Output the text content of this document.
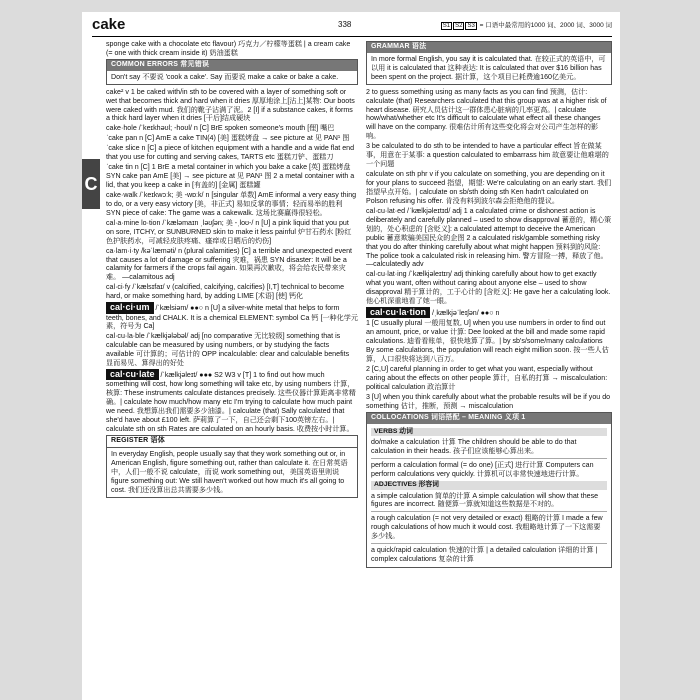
cake	338	S1 S2 S3 = 口语中最常用的1000 词、2000 词、3000 词
C

sponge cake with a chocolate etc flavour) 巧克力／柠檬等蛋糕 | a cream cake (= one with thick cream inside it) 奶油蛋糕

COMMON ERRORS 常见错误
Don't say 不要说 'cook a cake'. Say 而要说 make a cake or bake a cake.

cake² v 1 be caked with/in sth to be covered with a layer of something soft or wet that becomes thick and hard when it dries 厚厚地涂上[沾上]某物: Our boots were caked with mud. 我们的靴子沾满了泥。2 [I] if a substance cakes, it forms a thick hard layer when it dries [干后]结成硬块

cake·hole /ˈkeɪkhəʊl; -hoʊl/ n [C] BrE spoken someone's mouth [俚] 嘴巴

ˈcake pan n [C] AmE a cake TIN(4) [美] 蛋糕烤盘 → see picture at 见 PAN¹ 图

ˈcake slice n [C] a piece of kitchen equipment with a handle and a wide flat end that you use for cutting and serving cakes, TARTS etc 蛋糕刀铲、蛋糕刀

ˈcake tin n [C] 1 BrE a metal container in which you bake a cake [英] 蛋糕烤盘 SYN cake pan AmE [美] → see picture at 见 PAN¹ 图 2 a metal container with a lid, that you keep a cake in [有盖的] [金属] 蛋糕罐

cake·walk /ˈkeɪkwɔːk; 美 -wɒːk/ n [singular 单数] AmE informal a very easy thing to do, or a very easy victory [美，非正式] 易如反掌的事情；轻而易举的胜利 SYN piece of cake: The game was a cakewalk. 这场比赛赢得很轻松。

cal·a·mine lo·tion /ˈkæləmaɪn ˌləʊʃən; 美 -ˌloʊ-/ n [U] a pink liquid that you put on sore, ITCHY, or SUNBURNED skin to make it less painful 炉甘石药水 [粉红色护肤药水，可减轻皮肤疼痛、瘙痒或日晒后的灼伤]

ca·lam·i·ty /kəˈlæməti/ n (plural calamities) [C] a terrible and unexpected event that causes a lot of damage or suffering 灾难，祸患 SYN disaster: It will be a calamity for farmers if the crops fail again. 如果再次歉收，将会给农民带来灾难。 —calamitous adj

cal·ci·fy /ˈkælsɪfaɪ/ v (calcified, calcifying, calcifies) [I,T] technical to become hard, or make something hard, by adding LIME [术语] [使] 钙化

cal·ci·um /ˈkælsiəm/ ●●○ n [U] a silver-white metal that helps to form teeth, bones, and CHALK. It is a chemical ELEMENT: symbol Ca 钙 [一种化学元素，符号为 Ca]

cal·cu·la·ble /ˈkælkjələbəl/ adj [no comparative 无比较级] something that is calculable can be measured by using numbers, or by studying the facts available 可计算的；可估计的 OPP incalculable: clear and calculable benefits 显而易见、算得出的好处

cal·cu·late /ˈkælkjəleɪt/ ●●● S2 W3 v [T] 1 to find out how much something will cost, how long something will take etc, by using numbers 计算，核算: These instruments calculate distances precisely. 这些仪器计算距离非常精确。| calculate how much/how many etc I'm trying to calculate how much paint we need. 我想算出我们需要多少油漆。| calculate (that) Sally calculated that she'd have about £100 left. 萨莉算了一下，自己还会剩下100英镑左右。| calculate sth on sth Rates are calculated on an hourly basis. 收费按小时计算。

REGISTER 语体
In everyday English, people usually say that they work something out or, in American English, figure something out, rather than calculate it. 在日常英语中，人们一般不说 calculate，而说 work something out，美国英语里则说 figure something out: We still haven't worked out how much it's all going to cost. 我们还没算出总共需要多少钱。
GRAMMAR 语法
In more formal English, you say it is calculated that. 在较正式的英语中，可以用 it is calculated that 这种表达: It is calculated that over $16 billion has been spent on the project. 据计算，这个项目已耗费逾160亿美元。

2 to guess something using as many facts as you can find 预测，估计: calculate (that) Researchers calculated that this group was at a higher risk of heart disease. 研究人员估计这一群体患心脏病的几率更高。| calculate how/what/whether etc It's difficult to calculate what effect all these changes will have on the company. 很难估计所有这些变化将会对公司产生怎样的影响。

3 be calculated to do sth to be intended to have a particular effect 旨在做某事，用意在于某事: a question calculated to embarrass him 故意要让他难堪的一个问题

calculate on sth phr v if you calculate on something, you are depending on it for your plans to succeed 指望，期望: We're calculating on an early start. 我们指望早点开始。| calculate on sb/sth doing sth Ken hadn't calculated on Polson refusing his offer. 肯没有料到波尔森会拒绝他的提议。

cal·cu·lat·ed /ˈkælkjəleɪtɪd/ adj 1 a calculated crime or dishonest action is deliberately and carefully planned – used to show disapproval 蓄意的，精心策划的，处心积虑的 [含贬义]: a calculated attempt to deceive the American public 蓄意欺骗美国民众的企图 2 a calculated risk/gamble something risky that you do after thinking carefully about what might happen 预料到的风险: The police took a calculated risk in releasing him. 警方冒险一搏，释放了他。—calculatedly adv

cal·cu·lat·ing /ˈkælkjəleɪtɪŋ/ adj thinking carefully about how to get exactly what you want, often without caring about anyone else – used to show disapproval 精于算计的，工于心计的 [含贬义]: He gave her a calculating look. 他心机深重地看了她一眼。

cal·cu·la·tion /ˌkælkjəˈleɪʃən/ ●●○ n

1 [C usually plural 一般用复数, U] when you use numbers in order to find out an amount, price, or value 计算: Dee looked at the bill and made some rapid calculations. 迪看看账单，很快地算了算。| by sb's/some/many calculations By some calculations, the population will reach eight million soon. 按一些人估算，人口很快将达到八百万。

2 [C,U] careful planning in order to get what you want, especially without caring about the effects on other people 算计，自私的打算 → miscalculation: political calculation 政治算计

3 [U] when you think carefully about what the probable results will be if you do something 估计，推断，预测 → miscalculation

COLLOCATIONS 词语搭配 – MEANING 义项 1
VERBS 动词

do/make a calculation 计算 The children should be able to do that calculation in their heads. 孩子们应该能够心算出来。

perform a calculation formal (= do one) [正式] 进行计算 Computers can perform calculations very quickly. 计算机可以非常快速地进行计算。

ADJECTIVES 形容词

a simple calculation 简单的计算 A simple calculation will show that these figures are incorrect. 随便算一算就知道这些数据是不对的。

a rough calculation (= not very detailed or exact) 粗略的计算 I made a few rough calculations of how much it would cost. 我粗略地计算了一下这需要多少钱。

a quick/rapid calculation 快速的计算 | a detailed calculation 详细的计算 | complex calculations 复杂的计算
